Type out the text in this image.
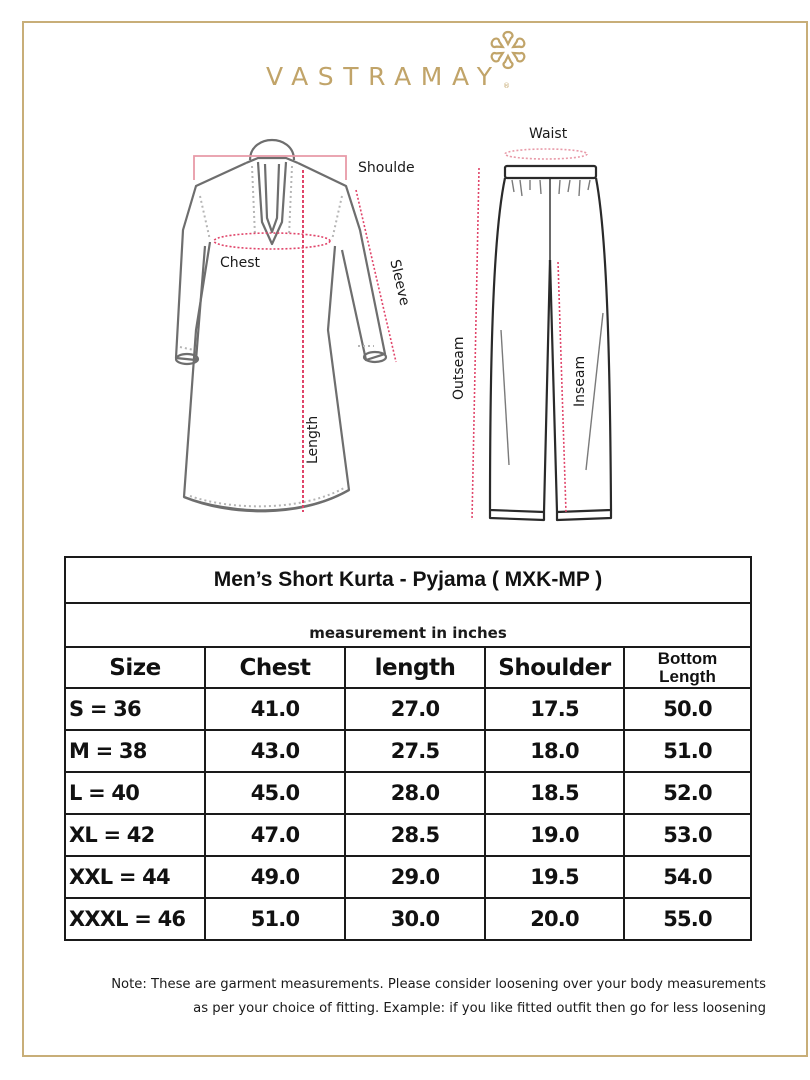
VASTRAMAY ®
Shoulde
Chest	Sleeve
Length
Waist
Outseam	Inseam
Men’s Short Kurta - Pyjama ( MXK-MP )				
measurement in inches				
Size	Chest	length	Shoulder	Bottom
Length

S = 36	41.0	27.0	17.5	50.0
M = 38	43.0	27.5	18.0	51.0
L = 40	45.0	28.0	18.5	52.0
XL = 42	47.0	28.5	19.0	53.0
XXL = 44	49.0	29.0	19.5	54.0
XXXL = 46	51.0	30.0	20.0	55.0
Note: These are garment measurements. Please consider loosening over your body measurements
as per your choice of fitting. Example: if you like fitted outfit then go for less loosening
